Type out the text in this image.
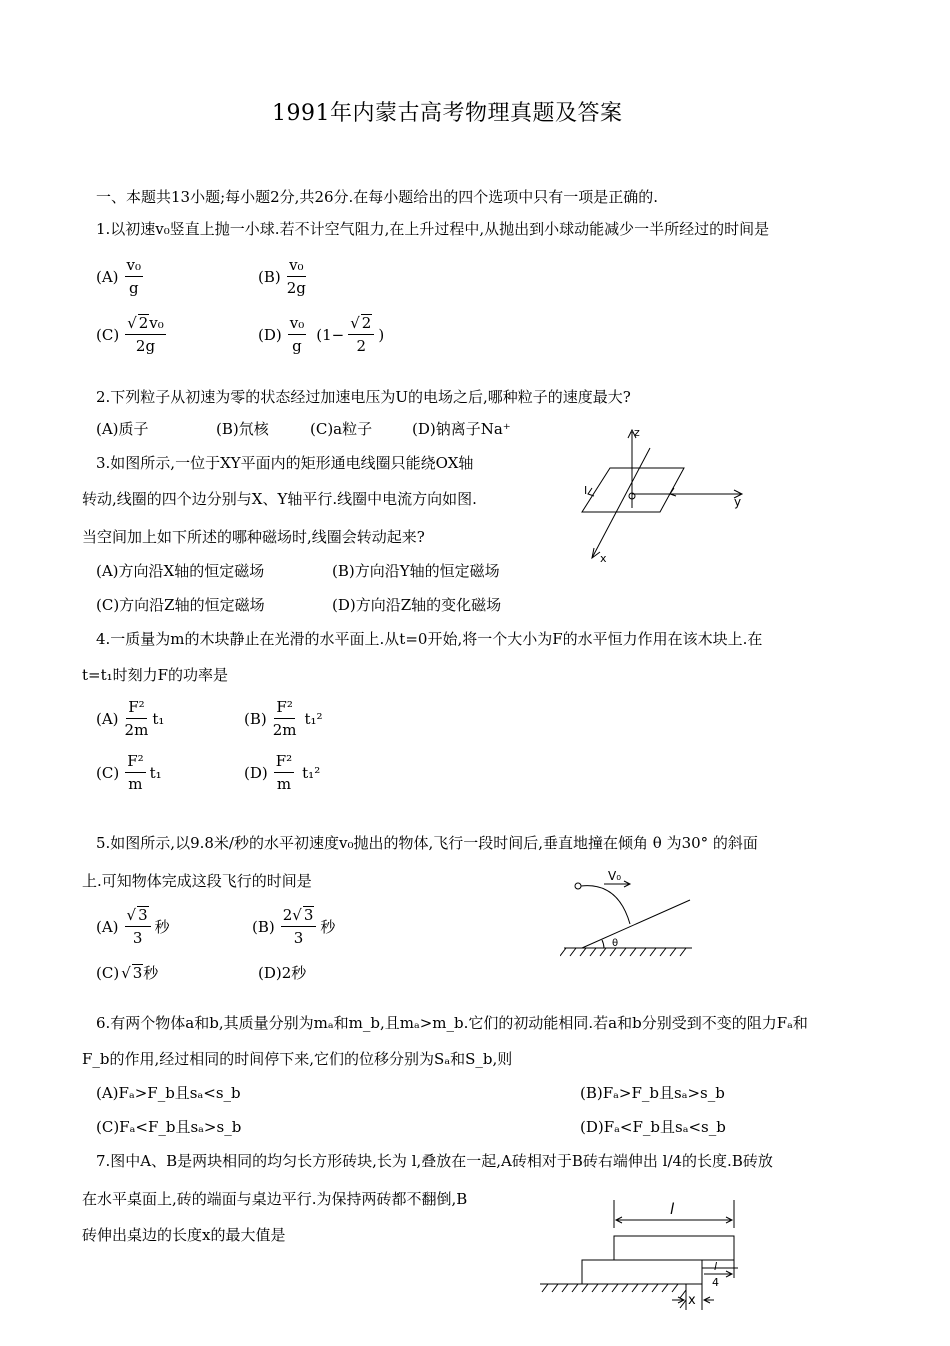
1991年内蒙古高考物理真题及答案
一、本题共13小题;每小题2分,共26分.在每小题给出的四个选项中只有一项是正确的.
1.以初速v₀竖直上抛一小球.若不计空气阻力,在上升过程中,从抛出到小球动能减少一半所经过的时间是
$(A) \frac{\text{v₀}}{g}$	$(B) \frac{\text{v₀}}{2g}$
$(C) \frac{\text{√ 2v₀}}{2g}$	$(D) \frac{\text{v₀}}{g} (1- \frac{√ 2}{2}$ )
2.下列粒子从初速为零的状态经过加速电压为U的电场之后,哪种粒子的速度最大?
(A)质子	(B)氘核	(C)a粒子	(D)钠离子Na⁺
3.如图所示,一位于XY平面内的矩形通电线圈只能绕OX轴
转动,线圈的四个边分别与X、Y轴平行.线圈中电流方向如图.
当空间加上如下所述的哪种磁场时,线圈会转动起来?
(A)方向沿X轴的恒定磁场	(B)方向沿Y轴的恒定磁场
(C)方向沿Z轴的恒定磁场	(D)方向沿Z轴的变化磁场
z
y
x
I
4.一质量为m的木块静止在光滑的水平面上.从t=0开始,将一个大小为F的水平恒力作用在该木块上.在
t=t₁时刻力F的功率是
$(A) \frac{\text{F²}}{2m} t_1$	$(B) \frac{\text{F²}}{2m} t_1^2$
$(C) \frac{\text{F²}}{m} t_1$	$(D) \frac{\text{F²}}{m} t_1^2$
5.如图所示,以9.8米/秒的水平初速度v₀抛出的物体,飞行一段时间后,垂直地撞在倾角 θ 为30° 的斜面
上.可知物体完成这段飞行的时间是
$(A) \frac{√ 3}{3}$ 秒	$(B) \frac{2√ 3}{3}$ 秒
(C) √ 3 秒	(D)2秒
V₀
θ
6.有两个物体a和b,其质量分别为mₐ和m_b,且mₐ>m_b.它们的初动能相同.若a和b分别受到不变的阻力Fₐ和
F_b的作用,经过相同的时间停下来,它们的位移分别为Sₐ和S_b,则
(A)Fₐ>F_b且sₐ<s_b	(B)Fₐ>F_b且sₐ>s_b
(C)Fₐ<F_b且sₐ>s_b	(D)Fₐ<F_b且sₐ<s_b
7.图中A、B是两块相同的均匀长方形砖块,长为 l,叠放在一起,A砖相对于B砖右端伸出 l/4的长度.B砖放
在水平桌面上,砖的端面与桌边平行.为保持两砖都不翻倒,B
砖伸出桌边的长度x的最大值是
l
l
4
x
